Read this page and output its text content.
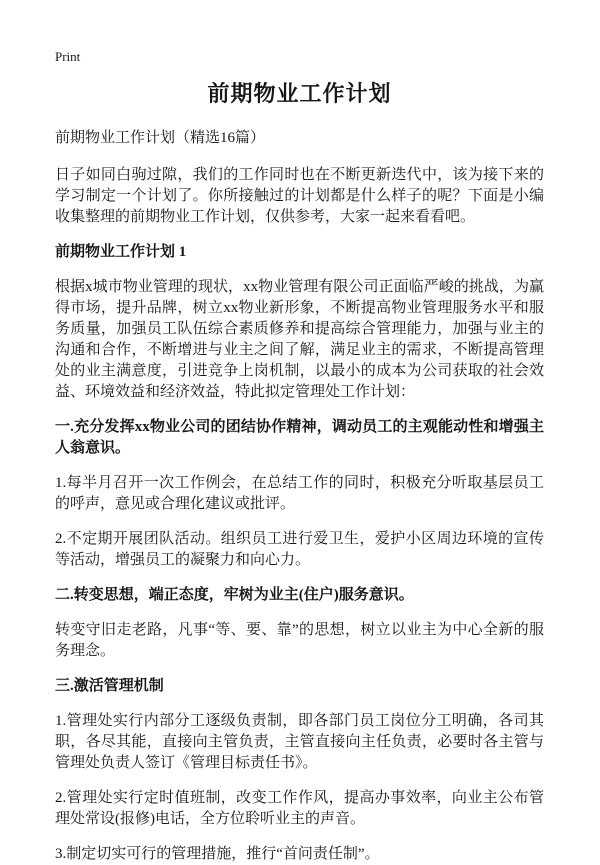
Print
前期物业工作计划
前期物业工作计划（精选16篇）

日子如同白驹过隙，我们的工作同时也在不断更新迭代中，该为接下来的学习制定一个计划了。你所接触过的计划都是什么样子的呢？下面是小编收集整理的前期物业工作计划，仅供参考，大家一起来看看吧。

前期物业工作计划 1

根据x城市物业管理的现状，xx物业管理有限公司正面临严峻的挑战，为赢得市场，提升品牌，树立xx物业新形象，不断提高物业管理服务水平和服务质量，加强员工队伍综合素质修养和提高综合管理能力，加强与业主的沟通和合作，不断增进与业主之间了解，满足业主的需求，不断提高管理处的业主满意度，引进竞争上岗机制，以最小的成本为公司获取的社会效益、环境效益和经济效益，特此拟定管理处工作计划：

一.充分发挥xx物业公司的团结协作精神，调动员工的主观能动性和增强主人翁意识。

1.每半月召开一次工作例会，在总结工作的同时，积极充分听取基层员工的呼声，意见或合理化建议或批评。

2.不定期开展团队活动。组织员工进行爱卫生，爱护小区周边环境的宣传等活动，增强员工的凝聚力和向心力。

二.转变思想，端正态度，牢树为业主(住户)服务意识。

转变守旧走老路，凡事“等、要、靠”的思想，树立以业主为中心全新的服务理念。

三.激活管理机制

1.管理处实行内部分工逐级负责制，即各部门员工岗位分工明确，各司其职，各尽其能，直接向主管负责，主管直接向主任负责，必要时各主管与管理处负责人签订《管理目标责任书》。

2.管理处实行定时值班制，改变工作作风，提高办事效率，向业主公布管理处常设(报修)电话，全方位聆听业主的声音。

3.制定切实可行的管理措施，推行“首问责任制”。
